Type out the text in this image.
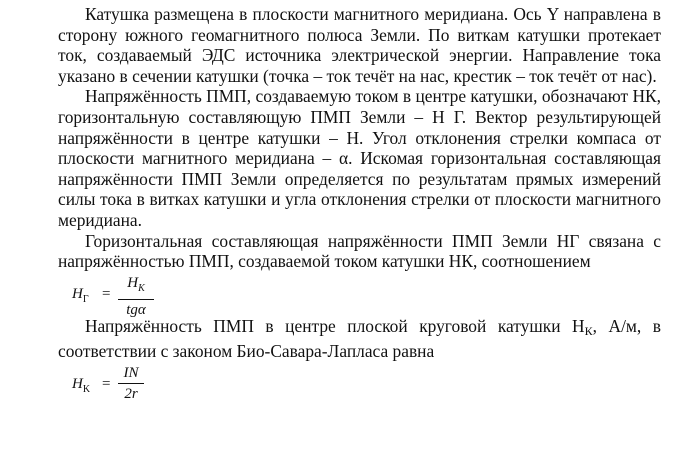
Катушка размещена в плоскости магнитного меридиана. Ось Y направлена в сторону южного геомагнитного полюса Земли. По виткам катушки протекает ток, создаваемый ЭДС источника электрической энергии. Направление тока указано в сечении катушки (точка – ток течёт на нас, крестик – ток течёт от нас).

Напряжённость ПМП, создаваемую током в центре катушки, обозначают НК, горизонтальную составляющую ПМП Земли – Н Г. Вектор результирующей напряжённости в центре катушки – Н. Угол отклонения стрелки компаса от плоскости магнитного меридиана – α. Искомая горизонтальная составляющая напряжённости ПМП Земли определяется по результатам прямых измерений силы тока в витках катушки и угла отклонения стрелки от плоскости магнитного меридиана.

Горизонтальная составляющая напряжённости ПМП Земли НГ связана с напряжённостью ПМП, создаваемой током катушки НК, соотношением

$H_Г$ =
$H_K$
tgα

Напряжённость ПМП в центре плоской круговой катушки $Н_К$, А/м, в соответствии с законом Био-Савара-Лапласа равна

$H_K$ =
IN
2r
